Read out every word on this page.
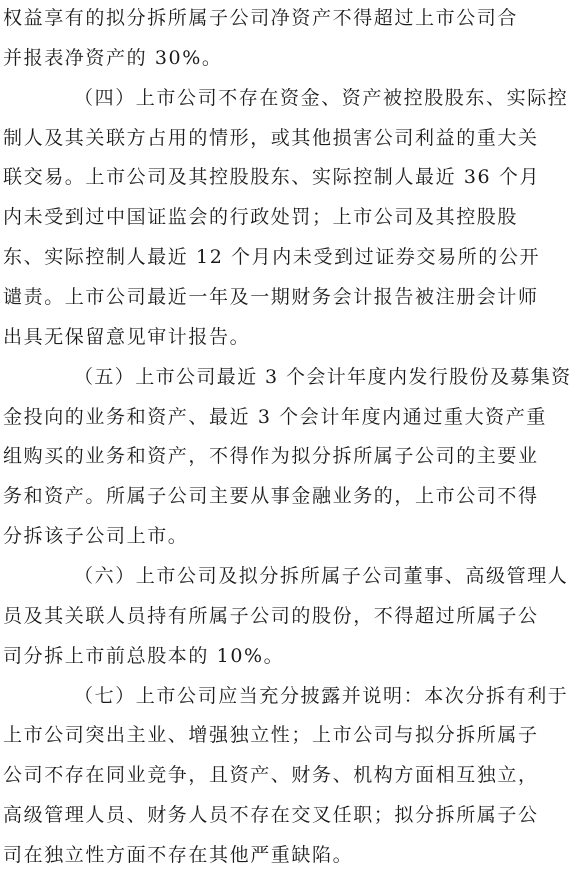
权益享有的拟分拆所属子公司净资产不得超过上市公司合
并报表净资产的 30%。
（四）上市公司不存在资金、资产被控股股东、实际控
制人及其关联方占用的情形，或其他损害公司利益的重大关
联交易。上市公司及其控股股东、实际控制人最近 36 个月
内未受到过中国证监会的行政处罚；上市公司及其控股股
东、实际控制人最近 12 个月内未受到过证券交易所的公开
谴责。上市公司最近一年及一期财务会计报告被注册会计师
出具无保留意见审计报告。
（五）上市公司最近 3 个会计年度内发行股份及募集资
金投向的业务和资产、最近 3 个会计年度内通过重大资产重
组购买的业务和资产，不得作为拟分拆所属子公司的主要业
务和资产。所属子公司主要从事金融业务的，上市公司不得
分拆该子公司上市。
（六）上市公司及拟分拆所属子公司董事、高级管理人
员及其关联人员持有所属子公司的股份，不得超过所属子公
司分拆上市前总股本的 10%。
（七）上市公司应当充分披露并说明：本次分拆有利于
上市公司突出主业、增强独立性；上市公司与拟分拆所属子
公司不存在同业竞争，且资产、财务、机构方面相互独立，
高级管理人员、财务人员不存在交叉任职；拟分拆所属子公
司在独立性方面不存在其他严重缺陷。
